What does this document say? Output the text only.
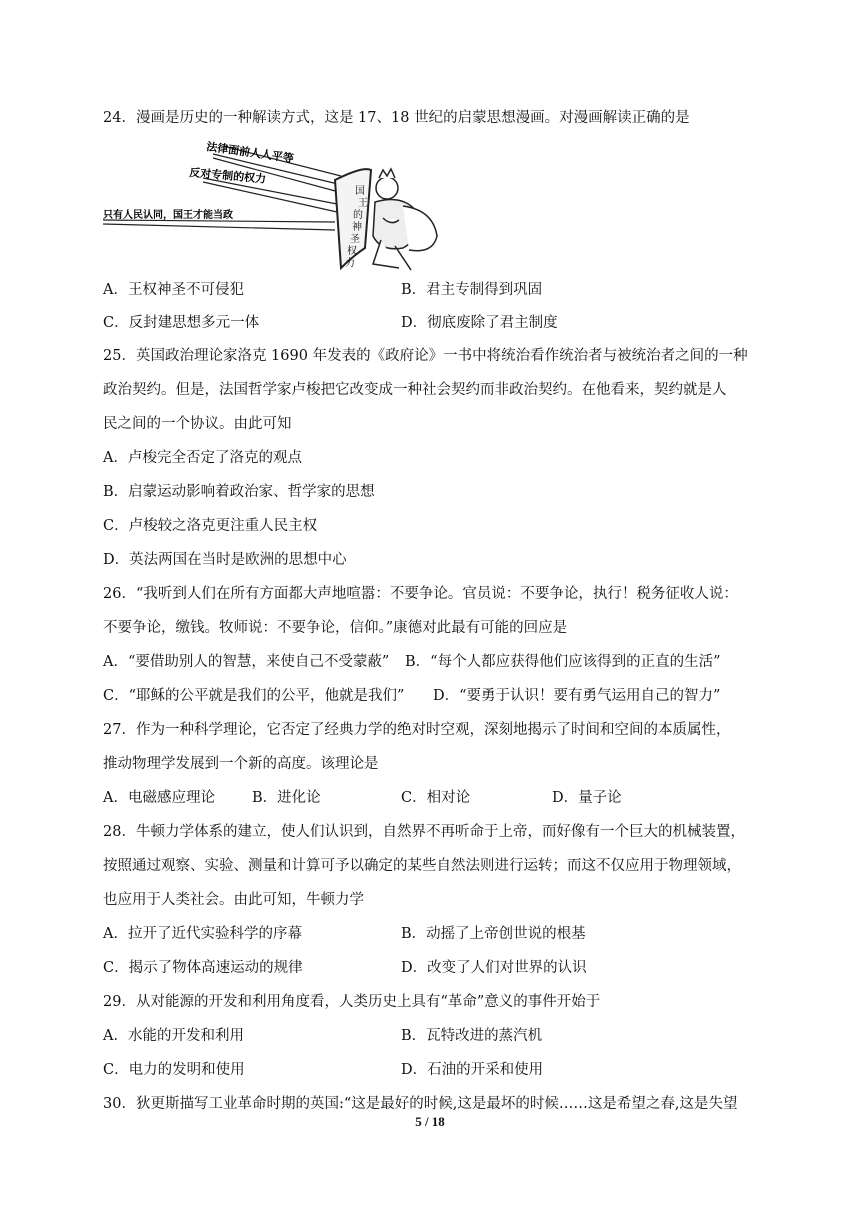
24．漫画是历史的一种解读方式，这是 17、18 世纪的启蒙思想漫画。对漫画解读正确的是
法律面前人人平等
反对专制的权力
只有人民认同，国王才能当政
国王的 神圣权力
A．王权神圣不可侵犯	B．君主专制得到巩固
C．反封建思想多元一体	D．彻底废除了君主制度
25．英国政治理论家洛克 1690 年发表的《政府论》一书中将统治看作统治者与被统治者之间的一种
政治契约。但是，法国哲学家卢梭把它改变成一种社会契约而非政治契约。在他看来，契约就是人
民之间的一个协议。由此可知
A．卢梭完全否定了洛克的观点
B．启蒙运动影响着政治家、哲学家的思想
C．卢梭较之洛克更注重人民主权
D．英法两国在当时是欧洲的思想中心
26．“我听到人们在所有方面都大声地喧嚣：不要争论。官员说：不要争论，执行！税务征收人说：
不要争论，缴钱。牧师说：不要争论，信仰。”康德对此最有可能的回应是
A．“要借助别人的智慧，来使自己不受蒙蔽” B．“每个人都应获得他们应该得到的正直的生活”
C．“耶稣的公平就是我们的公平，他就是我们” D．“要勇于认识！要有勇气运用自己的智力”
27．作为一种科学理论，它否定了经典力学的绝对时空观，深刻地揭示了时间和空间的本质属性，
推动物理学发展到一个新的高度。该理论是
A．电磁感应理论	B．进化论	C．相对论	D．量子论
28．牛顿力学体系的建立，使人们认识到，自然界不再听命于上帝，而好像有一个巨大的机械装置，
按照通过观察、实验、测量和计算可予以确定的某些自然法则进行运转；而这不仅应用于物理领域，
也应用于人类社会。由此可知，牛顿力学
A．拉开了近代实验科学的序幕	B．动摇了上帝创世说的根基
C．揭示了物体高速运动的规律	D．改变了人们对世界的认识
29．从对能源的开发和利用角度看，人类历史上具有“革命”意义的事件开始于
A．水能的开发和利用	B．瓦特改进的蒸汽机
C．电力的发明和使用	D．石油的开采和使用
30．狄更斯描写工业革命时期的英国:“这是最好的时候,这是最坏的时候……这是希望之春,这是失望
5 / 18
